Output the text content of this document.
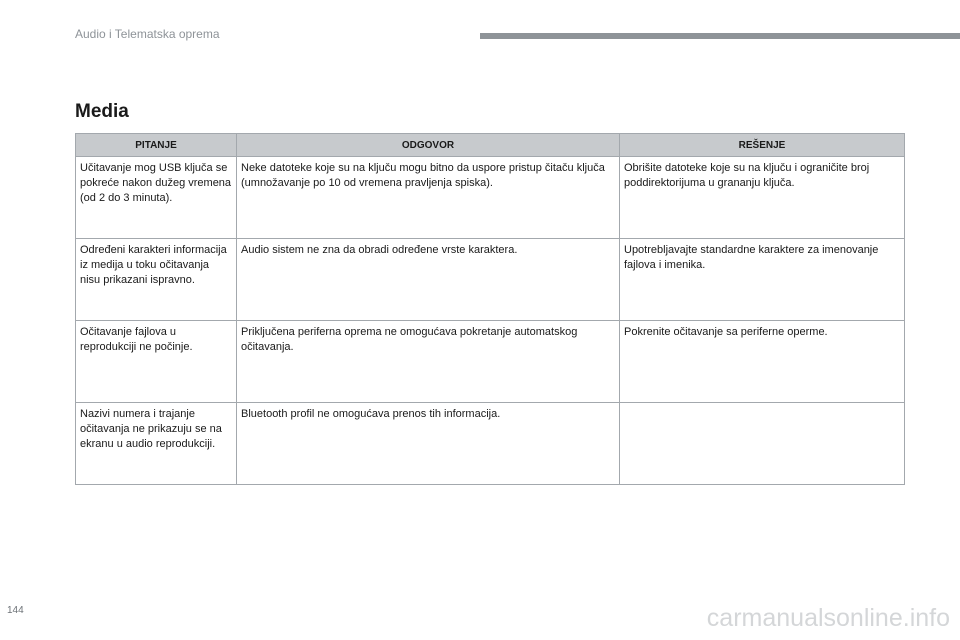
Audio i Telematska oprema
Media
PITANJE	ODGOVOR	REŠENJE
Učitavanje mog USB ključa se pokreće nakon dužeg vremena (od 2 do 3 minuta).	Neke datoteke koje su na ključu mogu bitno da uspore pristup čitaču ključa (umnožavanje po 10 od vremena pravljenja spiska).	Obrišite datoteke koje su na ključu i ograničite broj poddirektorijuma u grananju ključa.
Određeni karakteri informacija iz medija u toku očitavanja nisu prikazani ispravno.	Audio sistem ne zna da obradi određene vrste karaktera.	Upotrebljavajte standardne karaktere za imenovanje fajlova i imenika.
Očitavanje fajlova u reprodukciji ne počinje.	Priključena periferna oprema ne omogućava pokretanje automatskog očitavanja.	Pokrenite očitavanje sa periferne operme.
Nazivi numera i trajanje očitavanja ne prikazuju se na ekranu u audio reprodukciji.	Bluetooth profil ne omogućava prenos tih informacija.	
144	carmanualsonline.info
